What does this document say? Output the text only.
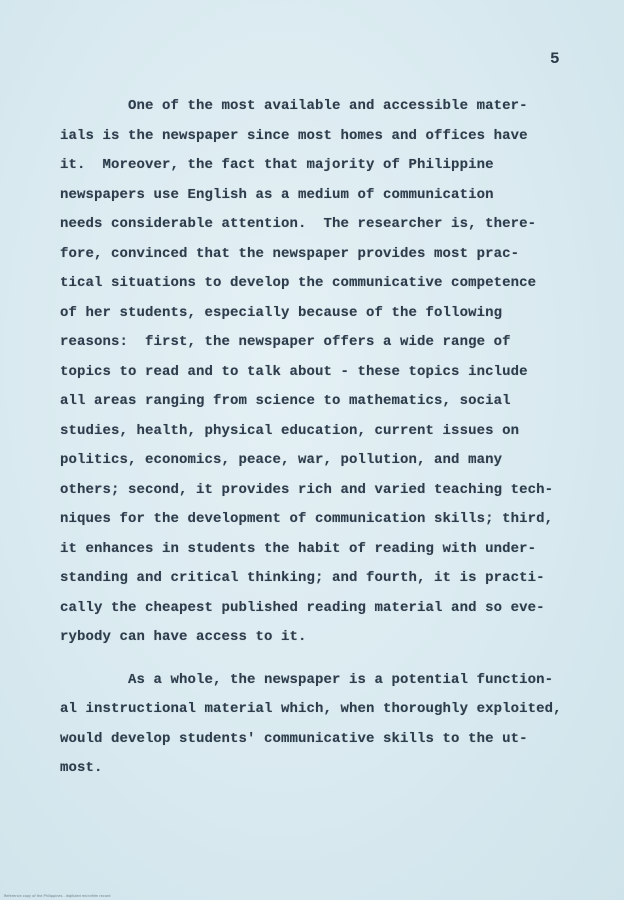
5
One of the most available and accessible mater-
ials is the newspaper since most homes and offices have
it.  Moreover, the fact that majority of Philippine
newspapers use English as a medium of communication
needs considerable attention.  The researcher is, there-
fore, convinced that the newspaper provides most prac-
tical situations to develop the communicative competence
of her students, especially because of the following
reasons:  first, the newspaper offers a wide range of
topics to read and to talk about - these topics include
all areas ranging from science to mathematics, social
studies, health, physical education, current issues on
politics, economics, peace, war, pollution, and many
others; second, it provides rich and varied teaching tech-
niques for the development of communication skills; third,
it enhances in students the habit of reading with under-
standing and critical thinking; and fourth, it is practi-
cally the cheapest published reading material and so eve-
rybody can have access to it.
As a whole, the newspaper is a potential function-
al instructional material which, when thoroughly exploited,
would develop students' communicative skills to the ut-
most.
Reference copy of the Philippines . digitized microfilm record
